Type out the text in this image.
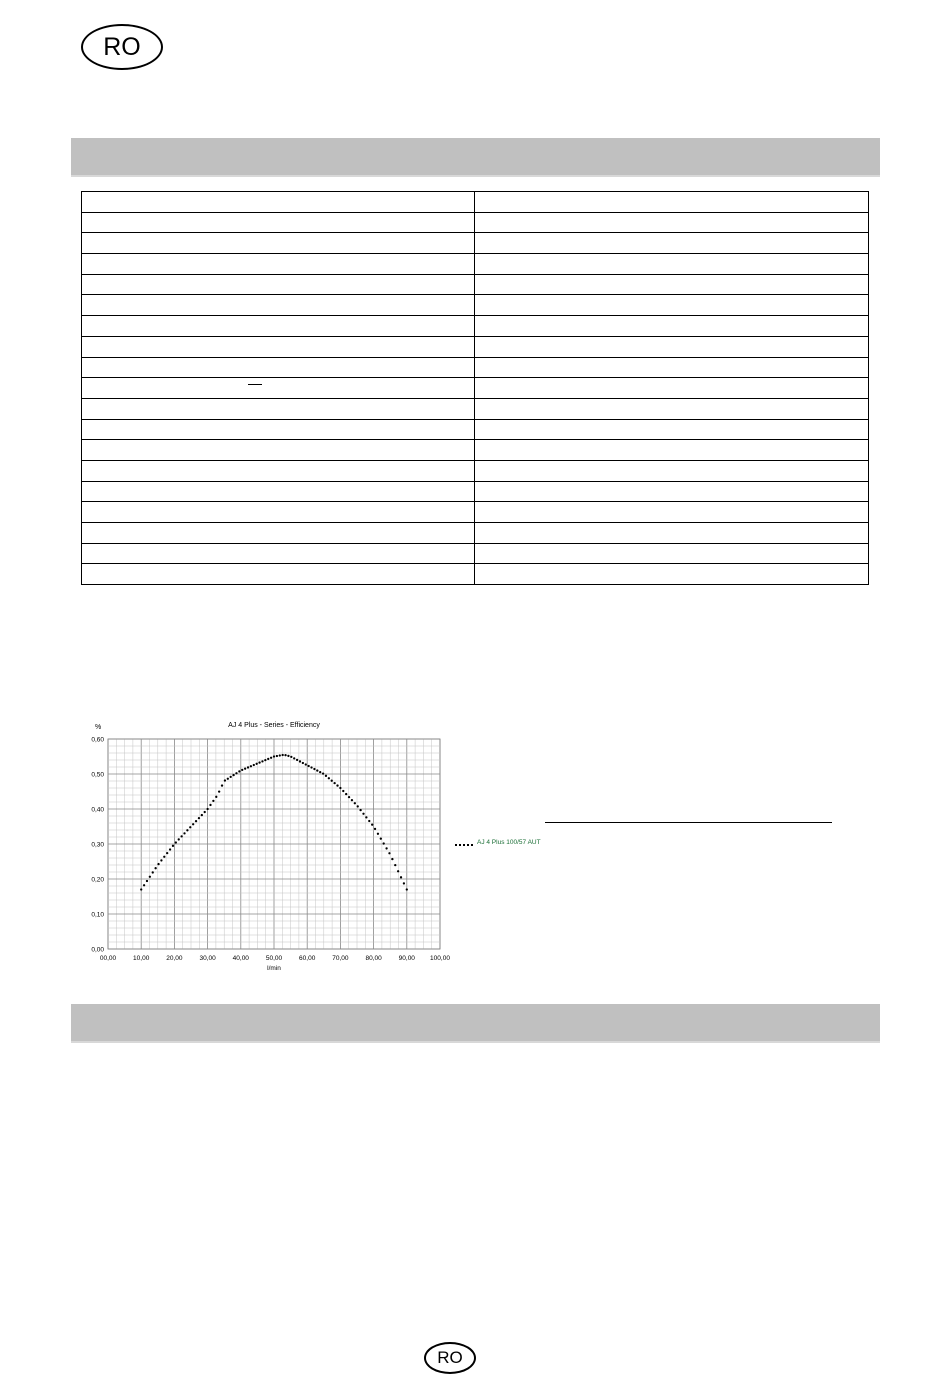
RO

00,00	10,00	20,00	30,00	40,00	50,00	60,00	70,00	80,00	90,00 100,00
0,00
0,10
0,20
0,30
0,40
0,50
0,60
AJ 4 Plus - Series - Efficiency
%
l/min
AJ 4 Plus 100/57 AUT
RO
